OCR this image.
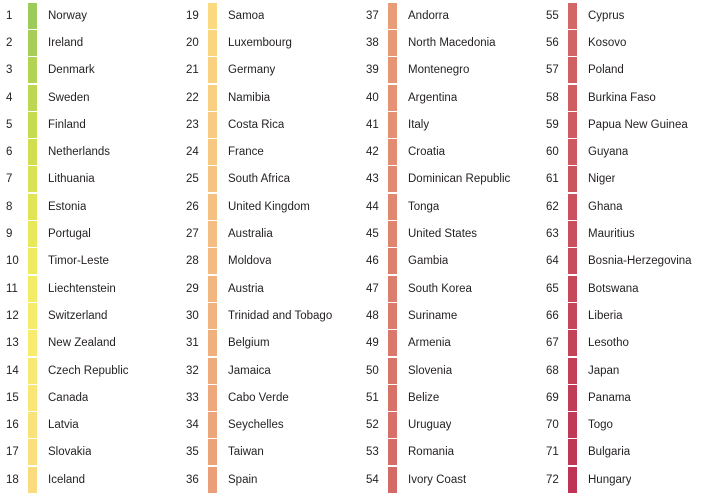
1	Norway
2	Ireland
3	Denmark
4	Sweden
5	Finland
6	Netherlands
7	Lithuania
8	Estonia
9	Portugal
10	Timor-Leste
11	Liechtenstein
12	Switzerland
13	New Zealand
14	Czech Republic
15	Canada
16	Latvia
17	Slovakia
18	Iceland
19	Samoa
20	Luxembourg
21	Germany
22	Namibia
23	Costa Rica
24	France
25	South Africa
26	United Kingdom
27	Australia
28	Moldova
29	Austria
30	Trinidad and Tobago
31	Belgium
32	Jamaica
33	Cabo Verde
34	Seychelles
35	Taiwan
36	Spain
37	Andorra
38	North Macedonia
39	Montenegro
40	Argentina
41	Italy
42	Croatia
43	Dominican Republic
44	Tonga
45	United States
46	Gambia
47	South Korea
48	Suriname
49	Armenia
50	Slovenia
51	Belize
52	Uruguay
53	Romania
54	Ivory Coast
55	Cyprus
56	Kosovo
57	Poland
58	Burkina Faso
59	Papua New Guinea
60	Guyana
61	Niger
62	Ghana
63	Mauritius
64	Bosnia-Herzegovina
65	Botswana
66	Liberia
67	Lesotho
68	Japan
69	Panama
70	Togo
71	Bulgaria
72	Hungary
